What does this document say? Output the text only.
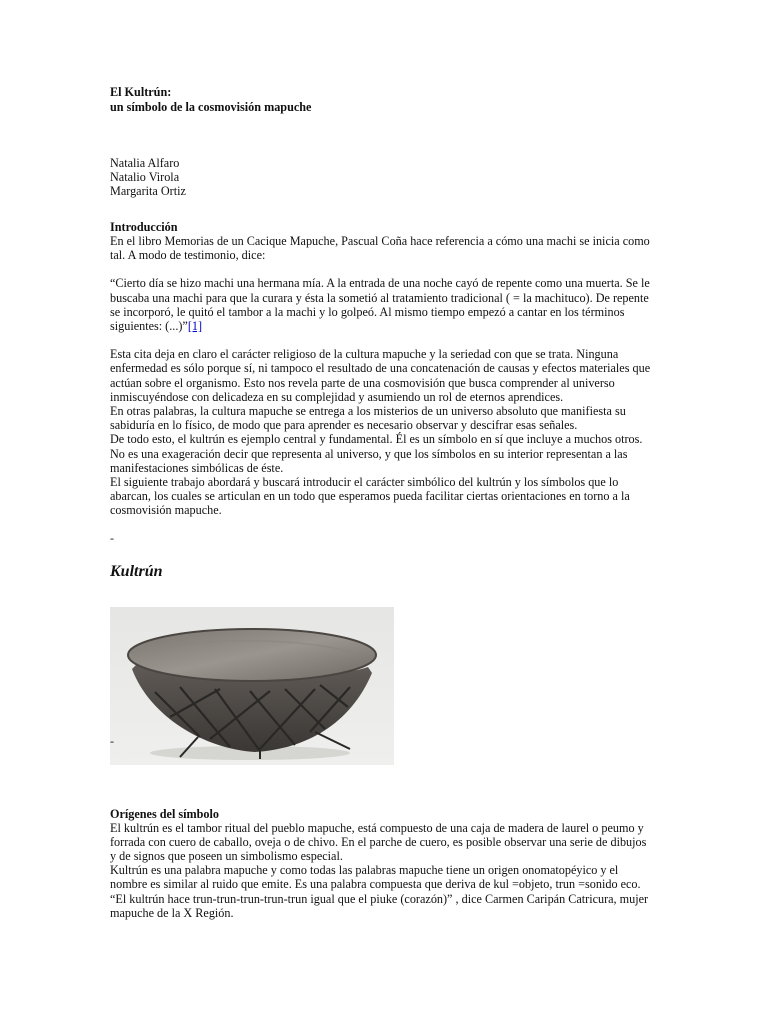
El Kultrún:
un símbolo de la cosmovisión mapuche
Natalia Alfaro
Natalio Virola
Margarita Ortiz
Introducción

En el libro Memorias de un Cacique Mapuche, Pascual Coña hace referencia a cómo una machi se inicia como tal. A modo de testimonio, dice:

“Cierto día se hizo machi una hermana mía. A la entrada de una noche cayó de repente como una muerta. Se le buscaba una machi para que la curara y ésta la sometió al tratamiento tradicional ( = la machituco). De repente se incorporó, le quitó el tambor a la machi y lo golpeó. Al mismo tiempo empezó a cantar en los términos siguientes: (...)”[1]

Esta cita deja en claro el carácter religioso de la cultura mapuche y la seriedad con que se trata. Ninguna enfermedad es sólo porque sí, ni tampoco el resultado de una concatenación de causas y efectos materiales que actúan sobre el organismo. Esto nos revela parte de una cosmovisión que busca comprender al universo inmiscuyéndose con delicadeza en su complejidad y asumiendo un rol de eternos aprendices.

En otras palabras, la cultura mapuche se entrega a los misterios de un universo absoluto que manifiesta su sabiduría en lo físico, de modo que para aprender es necesario observar y descifrar esas señales.

De todo esto, el kultrún es ejemplo central y fundamental. Él es un símbolo en sí que incluye a muchos otros. No es una exageración decir que representa al universo, y que los símbolos en su interior representan a las manifestaciones simbólicas de éste.

El siguiente trabajo abordará y buscará introducir el carácter simbólico del kultrún y los símbolos que lo abarcan, los cuales se articulan en un todo que esperamos pueda facilitar ciertas orientaciones en torno a la cosmovisión mapuche.

-
Kultrún
-
Orígenes del símbolo

El kultrún es el tambor ritual del pueblo mapuche, está compuesto de una caja de madera de laurel o peumo y forrada con cuero de caballo, oveja o de chivo. En el parche de cuero, es posible observar una serie de dibujos y de signos que poseen un simbolismo especial.

Kultrún es una palabra mapuche y como todas las palabras mapuche tiene un origen onomatopéyico y el nombre es similar al ruido que emite. Es una palabra compuesta que deriva de kul =objeto, trun =sonido eco. “El kultrún hace trun-trun-trun-trun-trun igual que el piuke (corazón)” , dice Carmen Caripán Catricura, mujer mapuche de la X Región.
